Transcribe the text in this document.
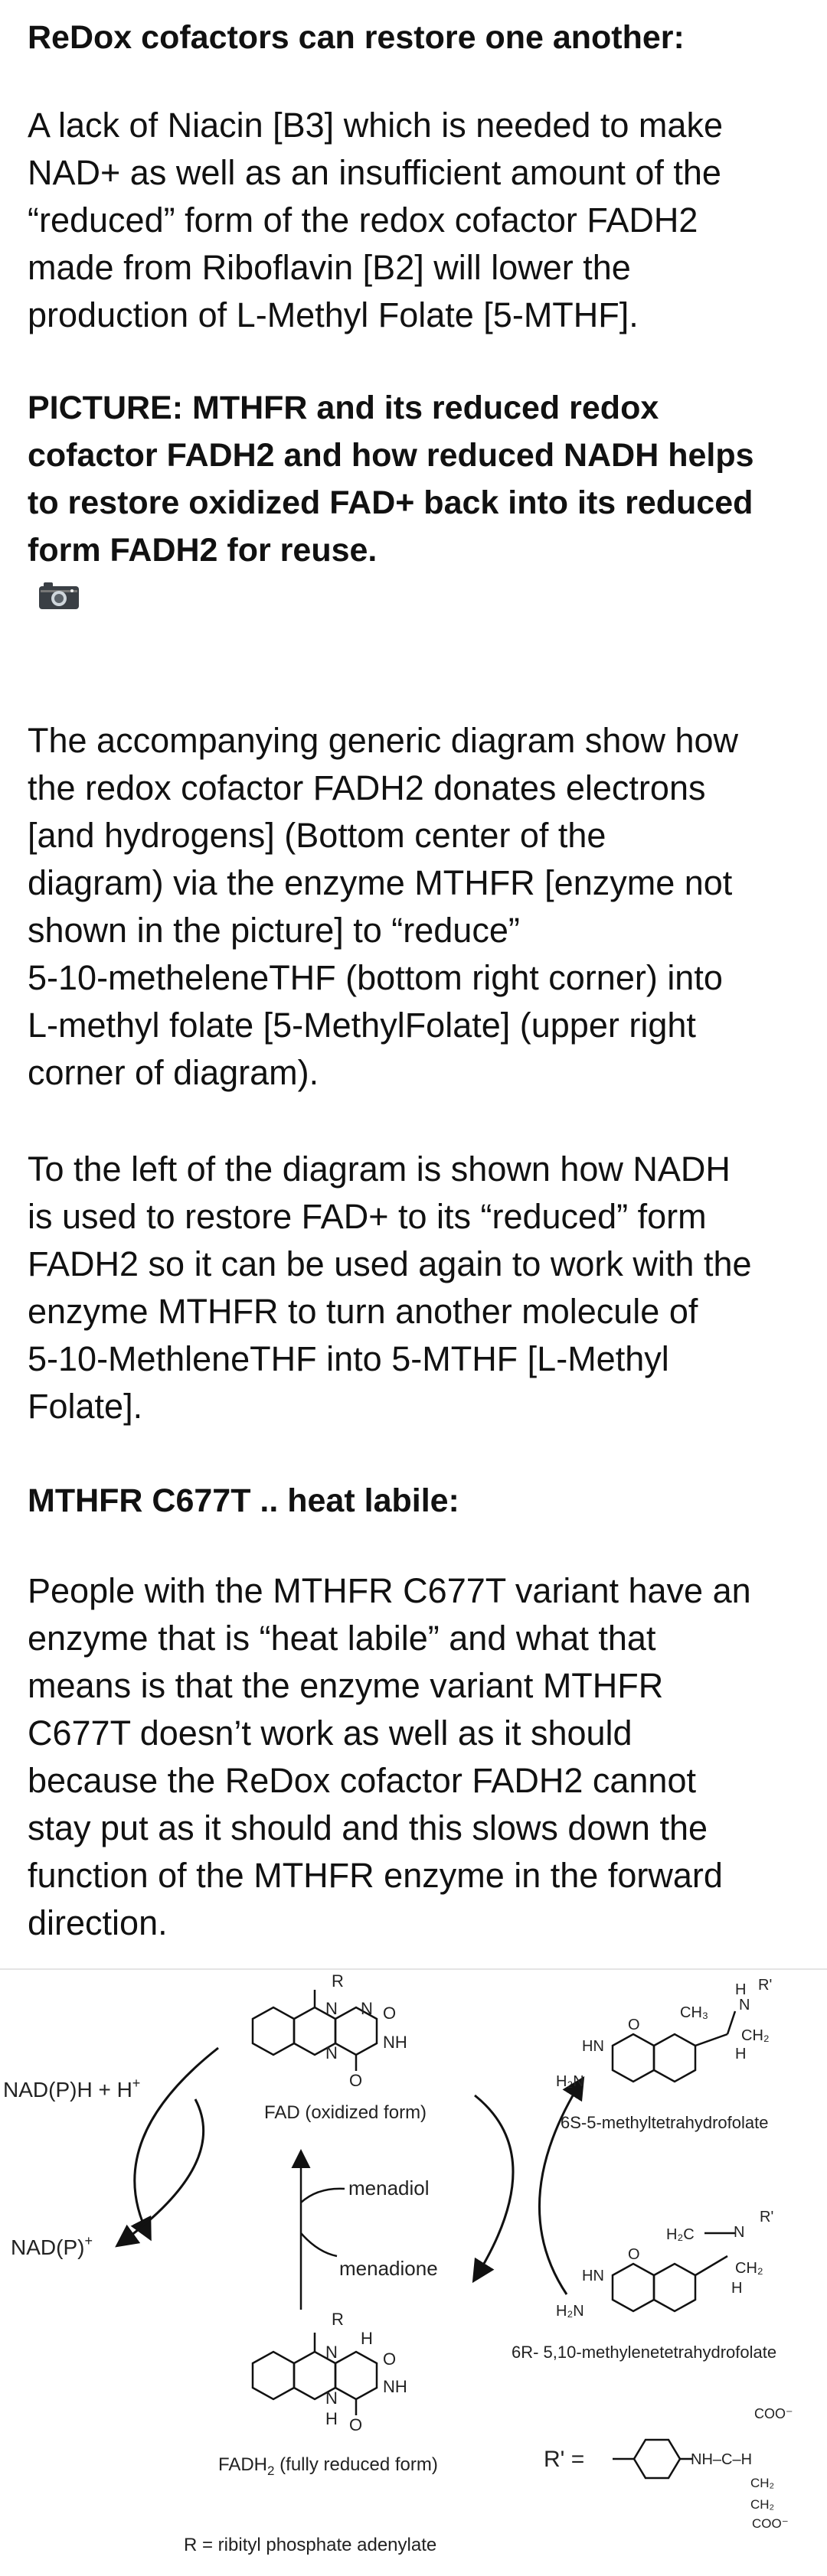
ReDox cofactors can restore one another:

A lack of Niacin [B3] which is needed to make
NAD+ as well as an insufficient amount of the
“reduced” form of the redox cofactor FADH2
made from Riboflavin [B2] will lower the
production of L-Methyl Folate [5-MTHF].

PICTURE: MTHFR and its reduced redox
cofactor FADH2 and how reduced NADH helps
to restore oxidized FAD+ back into its reduced
form FADH2 for reuse.

The accompanying generic diagram show how
the redox cofactor FADH2 donates electrons
[and hydrogens] (Bottom center of the
diagram) via the enzyme MTHFR [enzyme not
shown in the picture] to “reduce”
5-10-metheleneTHF (bottom right corner) into
L-methyl folate [5-MethylFolate] (upper right
corner of diagram).

To the left of the diagram is shown how NADH
is used to restore FAD+ to its “reduced” form
FADH2 so it can be used again to work with the
enzyme MTHFR to turn another molecule of
5-10-MethleneTHF into 5-MTHF [L-Methyl
Folate].

MTHFR C677T .. heat labile:

People with the MTHFR C677T variant have an
enzyme that is “heat labile” and what that
means is that the enzyme variant MTHFR
C677T doesn’t work as well as it should
because the ReDox cofactor FADH2 cannot
stay put as it should and this slows down the
function of the MTHFR enzyme in the forward
direction.

NAD(P)H + H+
NAD(P)+
R
N N O
NH
O
N
FAD (oxidized form)
menadiol
menadione
R
N
H
O
NH
N
H O
$FADH_2$ (fully reduced form)
R = ribityl phosphate adenylate
H R'
N
CH₃
CH₂
H
HN
O
H₂N
6S-5-methyltetrahydrofolate
H₂C	N
R'
CH₂
H
HN
O
H₂N
6R- 5,10-methylenetetrahydrofolate
R' =	NH–C–H
COO⁻
CH₂
CH₂
COO⁻
